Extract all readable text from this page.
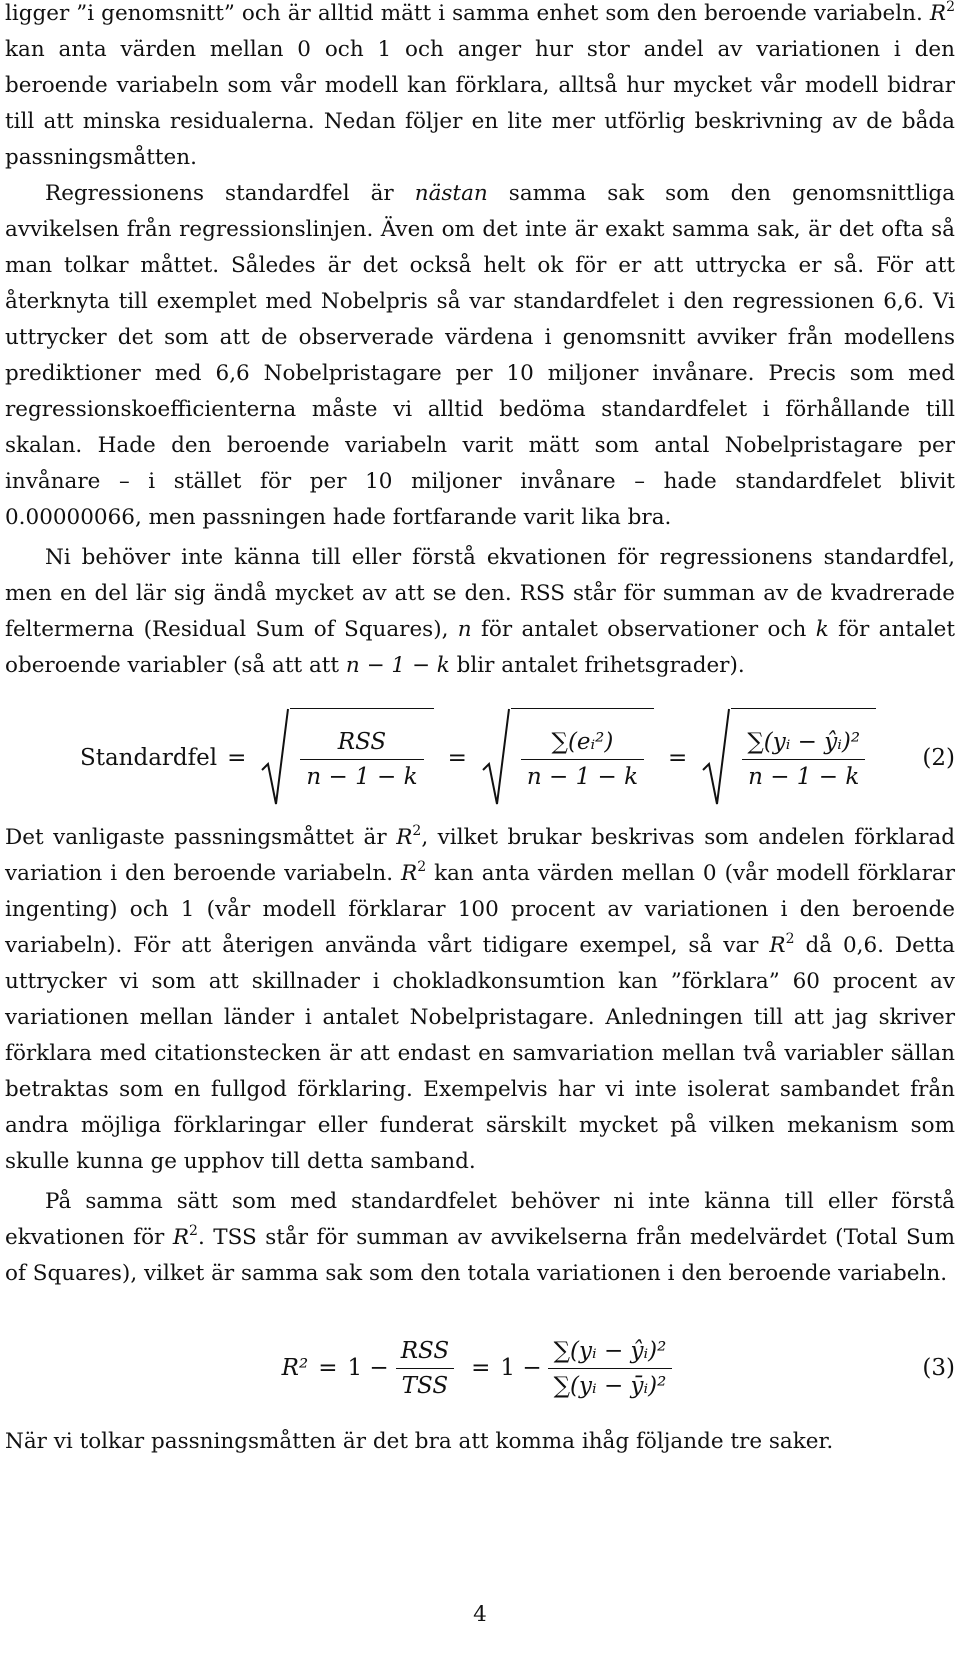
ligger ”i genomsnitt” och är alltid mätt i samma enhet som den beroende variabeln. $R^2$ kan anta värden mellan 0 och 1 och anger hur stor andel av variationen i den beroende variabeln som vår modell kan förklara, alltså hur mycket vår modell bidrar till att minska residualerna. Nedan följer en lite mer utförlig beskrivning av de båda passningsmåtten.

Regressionens standardfel är nästan samma sak som den genomsnittliga avvikelsen från regressionslinjen. Även om det inte är exakt samma sak, är det ofta så man tolkar måttet. Således är det också helt ok för er att uttrycka er så. För att återknyta till exemplet med Nobelpris så var standardfelet i den regressionen 6,6. Vi uttrycker det som att de observerade värdena i genomsnitt avviker från modellens prediktioner med 6,6 Nobelpristagare per 10 miljoner invånare. Precis som med regressionskoefficienterna måste vi alltid bedöma standardfelet i förhållande till skalan. Hade den beroende variabeln varit mätt som antal Nobelpristagare per invånare – i stället för per 10 miljoner invånare – hade standardfelet blivit 0.00000066, men passningen hade fortfarande varit lika bra.

Ni behöver inte känna till eller förstå ekvationen för regressionens standardfel, men en del lär sig ändå mycket av att se den. RSS står för summan av de kvadrerade feltermerna (Residual Sum of Squares), n för antalet observationer och k för antalet oberoende variabler (så att att n − 1 − k blir antalet frihetsgrader).

Standardfel = $\frac{\text{RSS}}{n - 1 - k} = \frac{\text{∑(eᵢ²)}}{n - 1 - k} = \frac{\text{∑(yᵢ − ŷᵢ)²}}{n - 1 - k} (2)$

Det vanligaste passningsmåttet är $R^2$, vilket brukar beskrivas som andelen förklarad variation i den beroende variabeln. $R^2$ kan anta värden mellan 0 (vår modell förklarar ingenting) och 1 (vår modell förklarar 100 procent av variationen i den beroende variabeln). För att återigen använda vårt tidigare exempel, så var $R^2$ då 0,6. Detta uttrycker vi som att skillnader i chokladkonsumtion kan ”förklara” 60 procent av variationen mellan länder i antalet Nobelpristagare. Anledningen till att jag skriver förklara med citationstecken är att endast en samvariation mellan två variabler sällan betraktas som en fullgod förklaring. Exempelvis har vi inte isolerat sambandet från andra möjliga förklaringar eller funderat särskilt mycket på vilken mekanism som skulle kunna ge upphov till detta samband.

På samma sätt som med standardfelet behöver ni inte känna till eller förstå ekvationen för $R^2$. TSS står för summan av avvikelserna från medelvärdet (Total Sum of Squares), vilket är samma sak som den totala variationen i den beroende variabeln.

$R^2 = 1 - \frac{\text{RSS}}{\text{TSS}} = 1 - \frac{\text{∑(yᵢ − ŷᵢ)²}}{\text{∑(yᵢ − ȳᵢ)²}}$	(3)

När vi tolkar passningsmåtten är det bra att komma ihåg följande tre saker.

4
